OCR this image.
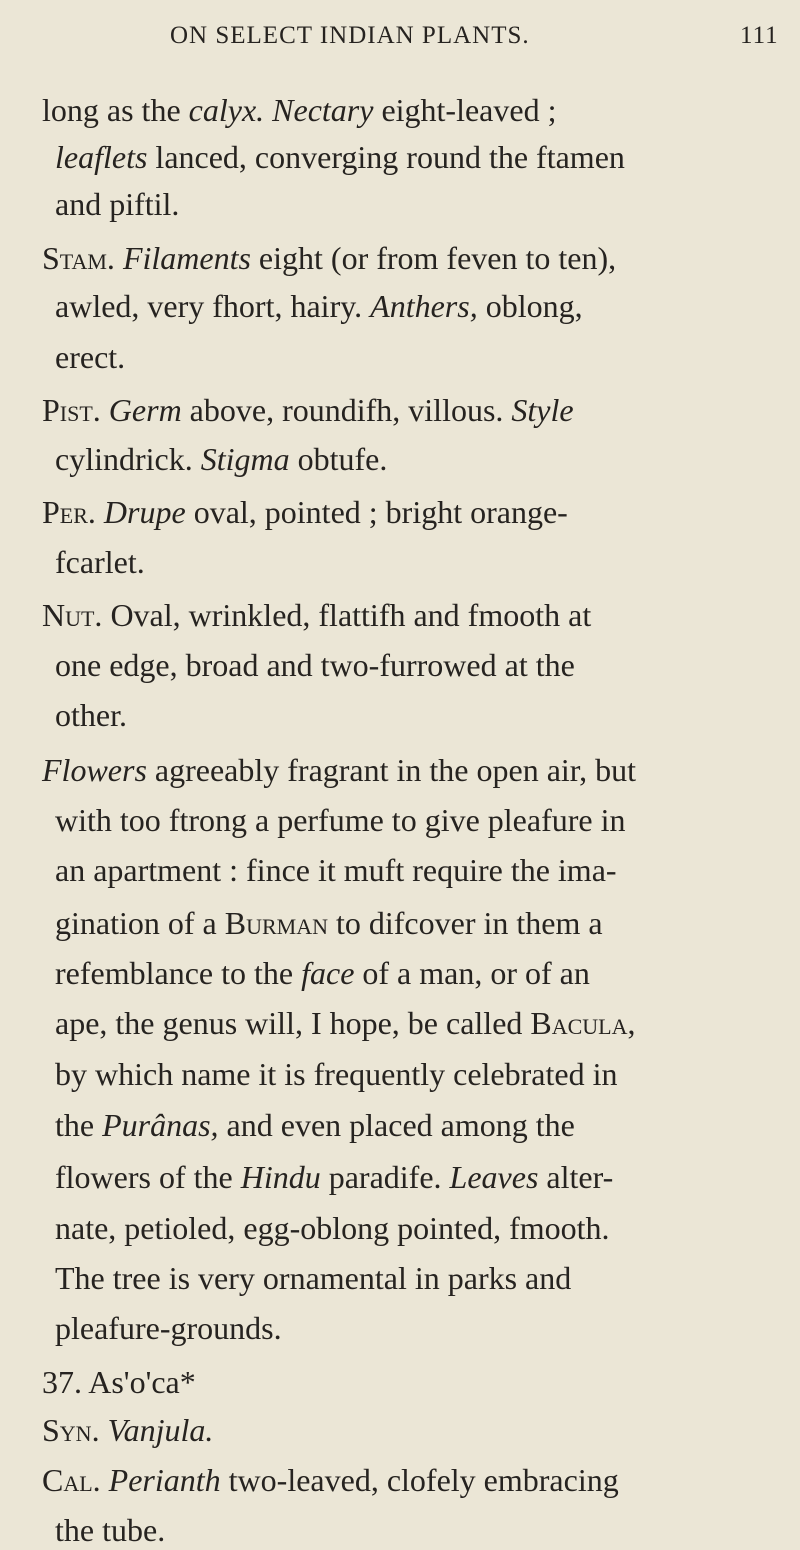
ON SELECT INDIAN PLANTS.	111
long as the calyx. Nectary eight-leaved ;
leaflets lanced, converging round the ftamen
and piftil.
Stam. Filaments eight (or from feven to ten),
awled, very fhort, hairy. Anthers, oblong,
erect.
Pist. Germ above, roundifh, villous. Style
cylindrick. Stigma obtufe.
Per. Drupe oval, pointed ; bright orange-
fcarlet.
Nut. Oval, wrinkled, flattifh and fmooth at
one edge, broad and two-furrowed at the
other.
Flowers agreeably fragrant in the open air, but
with too ftrong a perfume to give pleafure in
an apartment : fince it muft require the ima-
gination of a Burman to difcover in them a
refemblance to the face of a man, or of an
ape, the genus will, I hope, be called Bacula,
by which name it is frequently celebrated in
the Purânas, and even placed among the
flowers of the Hindu paradife. Leaves alter-
nate, petioled, egg-oblong pointed, fmooth.
The tree is very ornamental in parks and
pleafure-grounds.
37. As'o'ca*
Syn. Vanjula.
Cal. Perianth two-leaved, clofely embracing
the tube.
